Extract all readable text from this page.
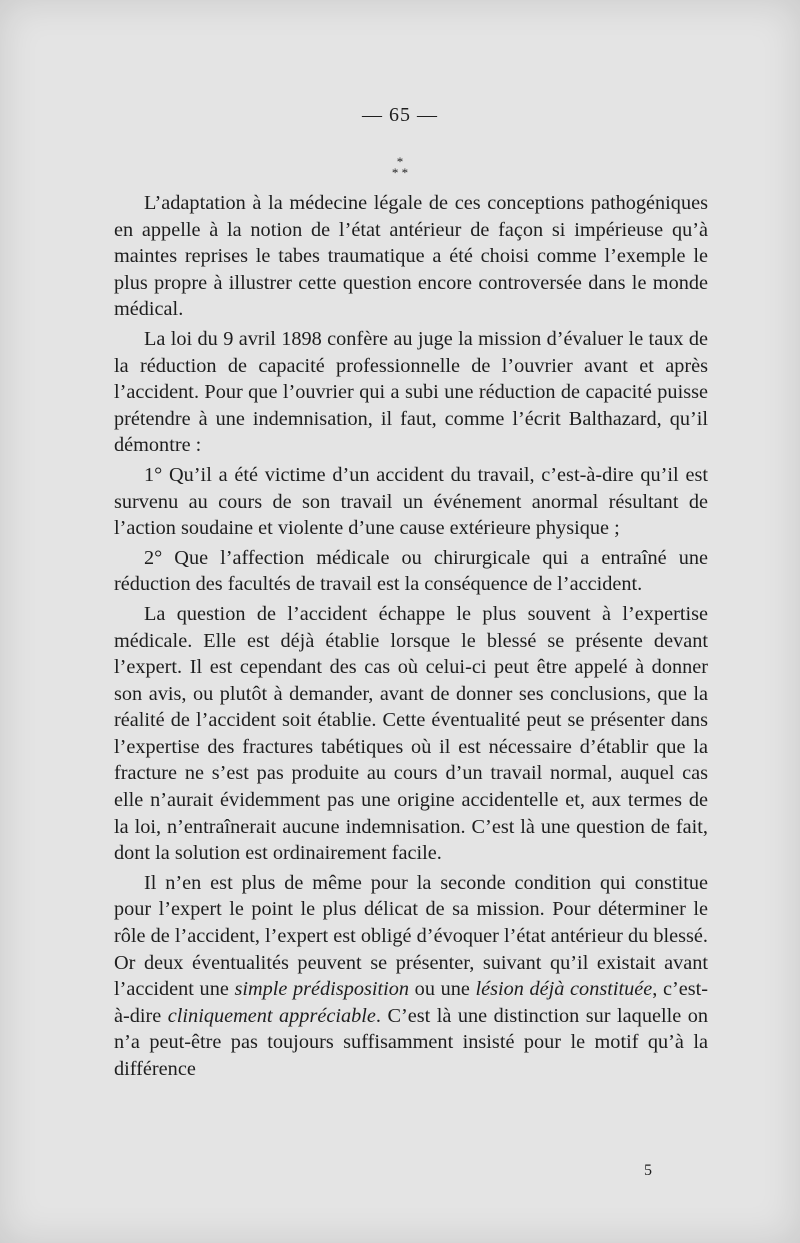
— 65 —
*
* *

L’adaptation à la médecine légale de ces conceptions pathogéniques en appelle à la notion de l’état antérieur de façon si impérieuse qu’à maintes reprises le tabes traumatique a été choisi comme l’exemple le plus propre à illustrer cette question encore controversée dans le monde médical.

La loi du 9 avril 1898 confère au juge la mission d’évaluer le taux de la réduction de capacité professionnelle de l’ouvrier avant et après l’accident. Pour que l’ouvrier qui a subi une réduction de capacité puisse prétendre à une indemnisation, il faut, comme l’écrit Balthazard, qu’il démontre :

1° Qu’il a été victime d’un accident du travail, c’est-à-dire qu’il est survenu au cours de son travail un événement anormal résultant de l’action soudaine et violente d’une cause extérieure physique ;

2° Que l’affection médicale ou chirurgicale qui a entraîné une réduction des facultés de travail est la conséquence de l’accident.

La question de l’accident échappe le plus souvent à l’expertise médicale. Elle est déjà établie lorsque le blessé se présente devant l’expert. Il est cependant des cas où celui-ci peut être appelé à donner son avis, ou plutôt à demander, avant de donner ses conclusions, que la réalité de l’accident soit établie. Cette éventualité peut se présenter dans l’expertise des fractures tabétiques où il est nécessaire d’établir que la fracture ne s’est pas produite au cours d’un travail normal, auquel cas elle n’aurait évidemment pas une origine accidentelle et, aux termes de la loi, n’entraînerait aucune indemnisation. C’est là une question de fait, dont la solution est ordinairement facile.

Il n’en est plus de même pour la seconde condition qui constitue pour l’expert le point le plus délicat de sa mission. Pour déterminer le rôle de l’accident, l’expert est obligé d’évoquer l’état antérieur du blessé. Or deux éventualités peuvent se présenter, suivant qu’il existait avant l’accident une simple prédisposition ou une lésion déjà constituée, c’est-à-dire cliniquement appréciable. C’est là une distinction sur laquelle on n’a peut-être pas toujours suffisamment insisté pour le motif qu’à la différence

5
